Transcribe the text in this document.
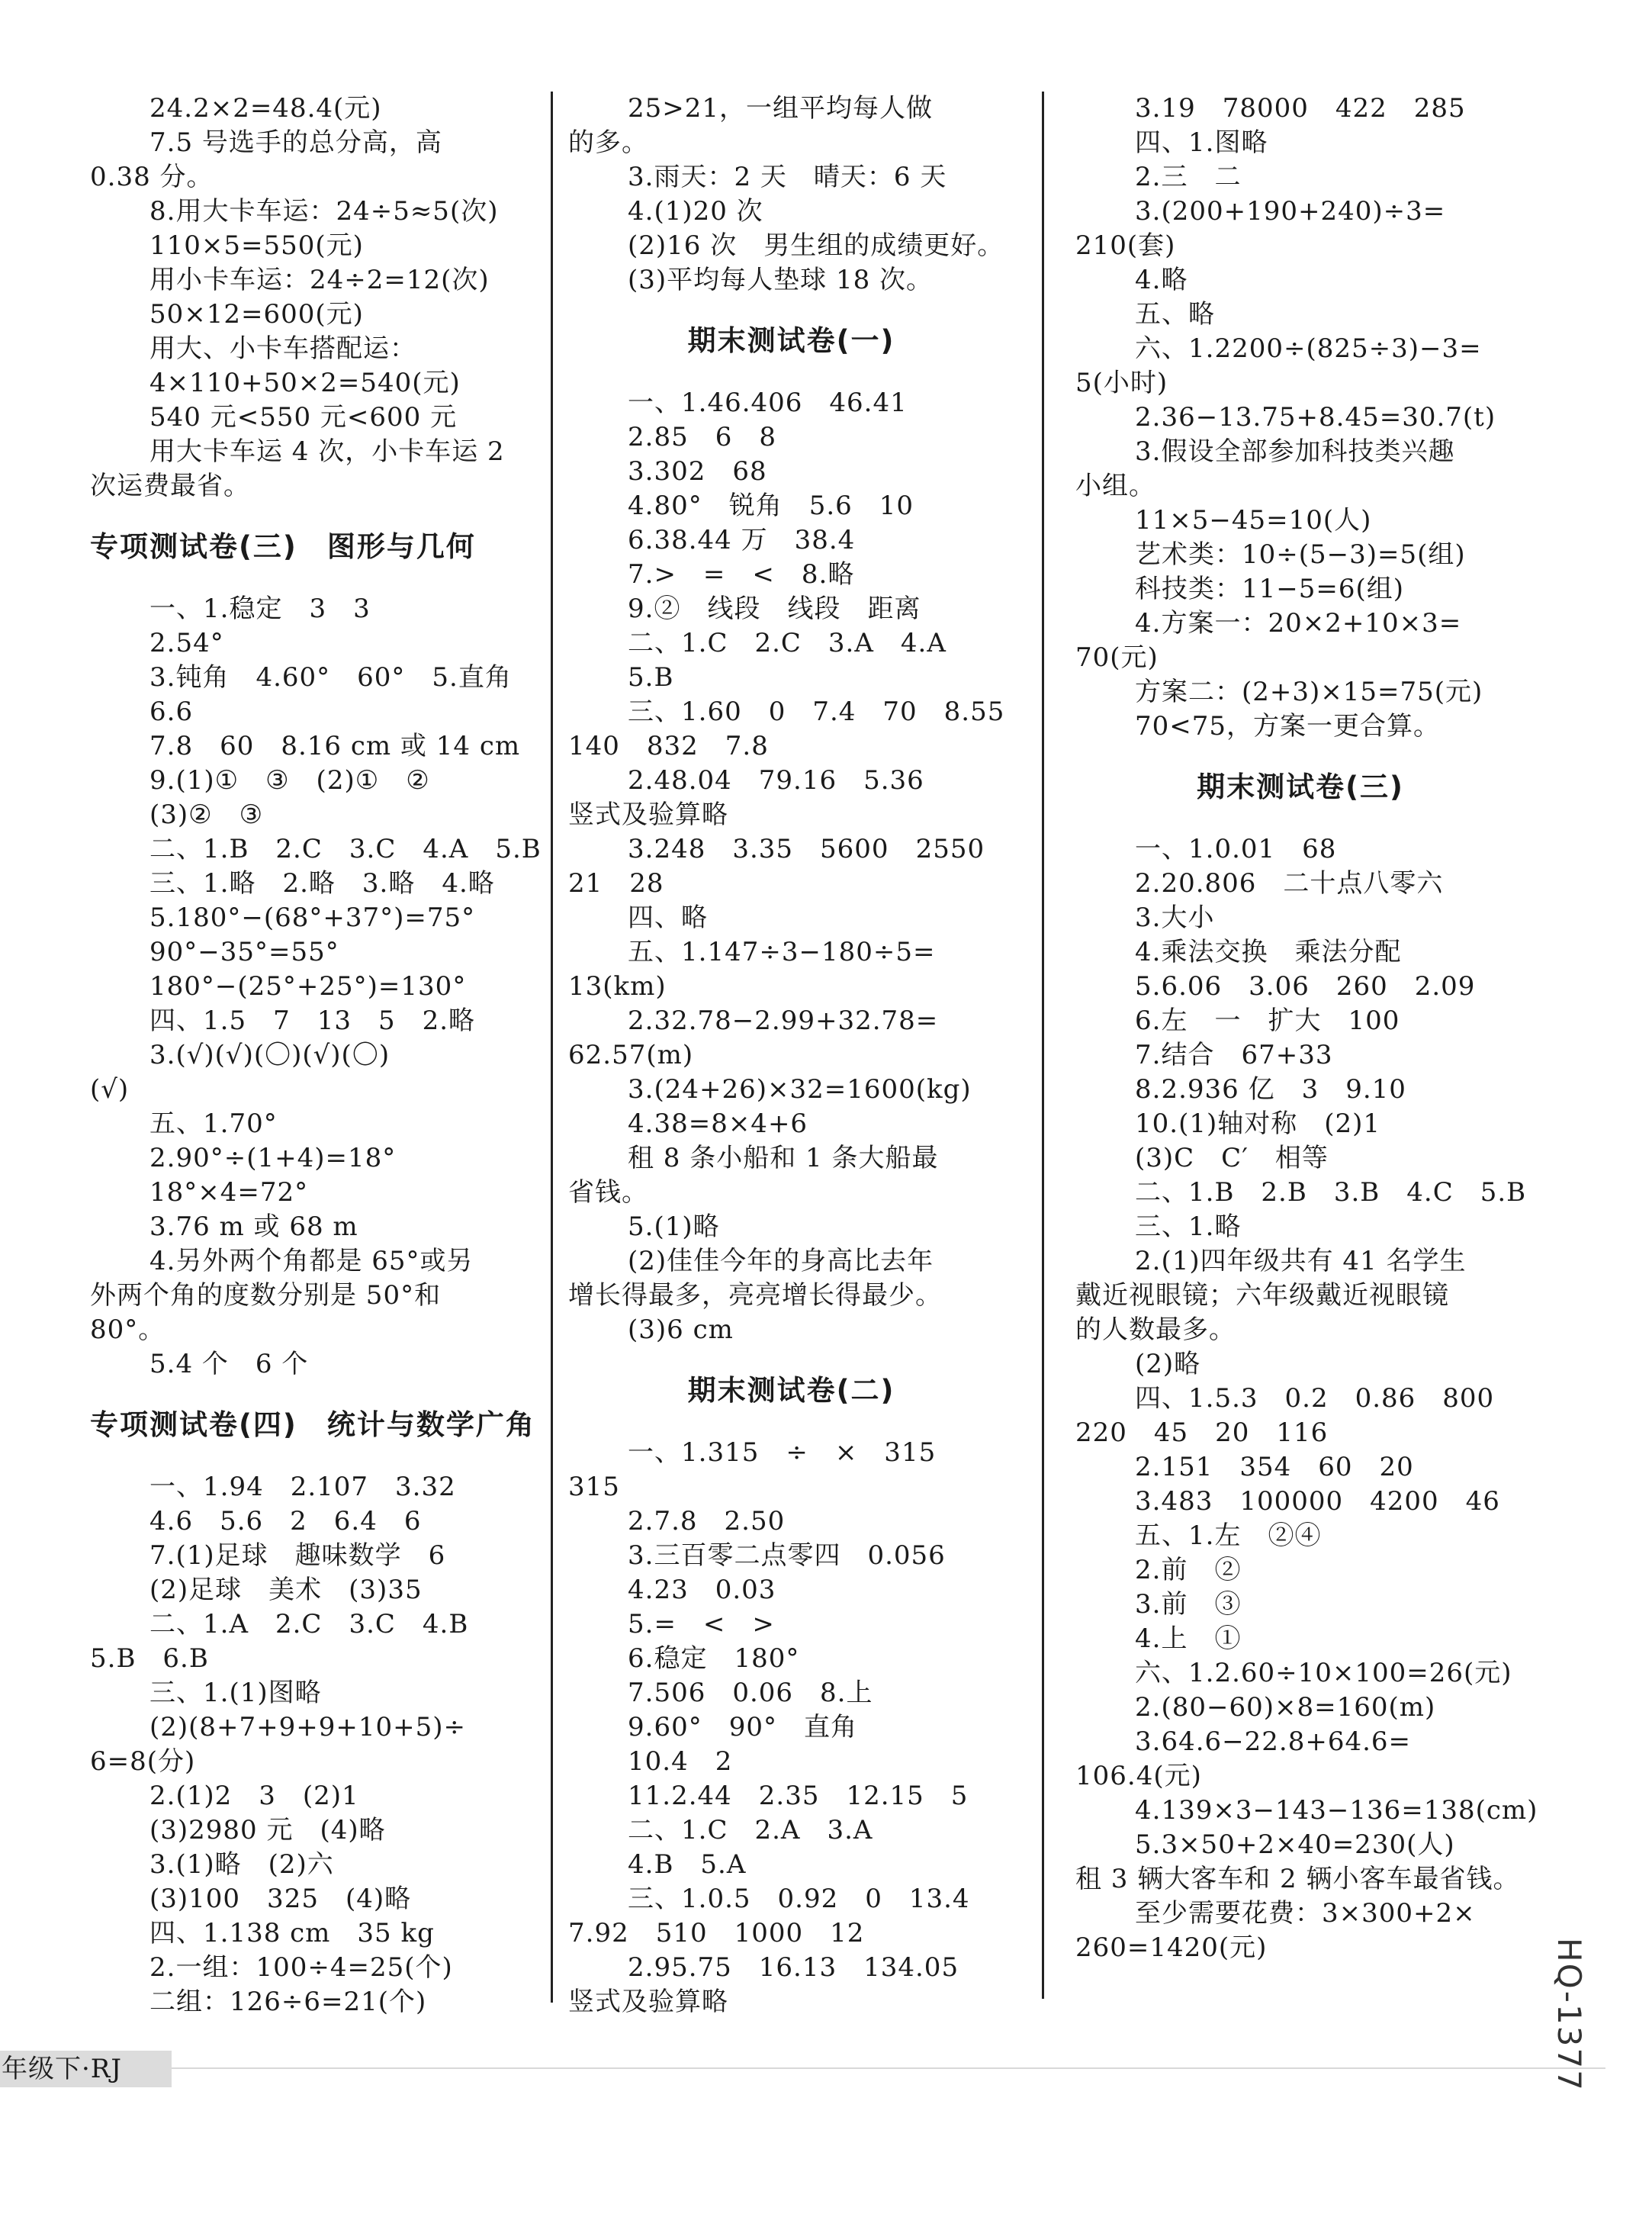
24.2×2=48.4(元)
7.5 号选手的总分高，高
0.38 分。
8.用大卡车运：24÷5≈5(次)
110×5=550(元)
用小卡车运：24÷2=12(次)
50×12=600(元)
用大、小卡车搭配运：
4×110+50×2=540(元)
540 元<550 元<600 元
用大卡车运 4 次，小卡车运 2
次运费最省。
专项测试卷(三)　图形与几何
一、1.稳定　3　3
2.54°
3.钝角　4.60°　60°　5.直角
6.6
7.8　60　8.16 cm 或 14 cm
9.(1)①　③　(2)①　②
(3)②　③
二、1.B　2.C　3.C　4.A　5.B
三、1.略　2.略　3.略　4.略
5.180°−(68°+37°)=75°
90°−35°=55°
180°−(25°+25°)=130°
四、1.5　7　13　5　2.略
3.(√)(√)(〇)(√)(〇)
(√)
五、1.70°
2.90°÷(1+4)=18°
18°×4=72°
3.76 m 或 68 m
4.另外两个角都是 65°或另
外两个角的度数分别是 50°和
80°。
5.4 个　6 个
专项测试卷(四)　统计与数学广角
一、1.94　2.107　3.32
4.6　5.6　2　6.4　6
7.(1)足球　趣味数学　6
(2)足球　美术　(3)35
二、1.A　2.C　3.C　4.B
5.B　6.B
三、1.(1)图略
(2)(8+7+9+9+10+5)÷
6=8(分)
2.(1)2　3　(2)1
(3)2980 元　(4)略
3.(1)略　(2)六
(3)100　325　(4)略
四、1.138 cm　35 kg
2.一组：100÷4=25(个)
二组：126÷6=21(个)
25>21，一组平均每人做
的多。
3.雨天：2 天　晴天：6 天
4.(1)20 次
(2)16 次　男生组的成绩更好。
(3)平均每人垫球 18 次。
期末测试卷(一)
一、1.46.406　46.41
2.85　6　8
3.302　68
4.80°　锐角　5.6　10
6.38.44 万　38.4
7.>　=　<　8.略
9.②　线段　线段　距离
二、1.C　2.C　3.A　4.A
5.B
三、1.60　0　7.4　70　8.55
140　832　7.8
2.48.04　79.16　5.36
竖式及验算略
3.248　3.35　5600　2550
21　28
四、略
五、1.147÷3−180÷5=
13(km)
2.32.78−2.99+32.78=
62.57(m)
3.(24+26)×32=1600(kg)
4.38=8×4+6
租 8 条小船和 1 条大船最
省钱。
5.(1)略
(2)佳佳今年的身高比去年
增长得最多，亮亮增长得最少。
(3)6 cm
期末测试卷(二)
一、1.315　÷　×　315
315
2.7.8　2.50
3.三百零二点零四　0.056
4.23　0.03
5.=　<　>
6.稳定　180°
7.506　0.06　8.上
9.60°　90°　直角
10.4　2
11.2.44　2.35　12.15　5
二、1.C　2.A　3.A
4.B　5.A
三、1.0.5　0.92　0　13.4
7.92　510　1000　12
2.95.75　16.13　134.05
竖式及验算略
3.19　78000　422　285
四、1.图略
2.三　二
3.(200+190+240)÷3=
210(套)
4.略
五、略
六、1.2200÷(825÷3)−3=
5(小时)
2.36−13.75+8.45=30.7(t)
3.假设全部参加科技类兴趣
小组。
11×5−45=10(人)
艺术类：10÷(5−3)=5(组)
科技类：11−5=6(组)
4.方案一：20×2+10×3=
70(元)
方案二：(2+3)×15=75(元)
70<75，方案一更合算。
期末测试卷(三)
一、1.0.01　68
2.20.806　二十点八零六
3.大小
4.乘法交换　乘法分配
5.6.06　3.06　260　2.09
6.左　一　扩大　100
7.结合　67+33
8.2.936 亿　3　9.10
10.(1)轴对称　(2)1
(3)C　C′　相等
二、1.B　2.B　3.B　4.C　5.B
三、1.略
2.(1)四年级共有 41 名学生
戴近视眼镜；六年级戴近视眼镜
的人数最多。
(2)略
四、1.5.3　0.2　0.86　800
220　45　20　116
2.151　354　60　20
3.483　100000　4200　46
五、1.左　②④
2.前　②
3.前　③
4.上　①
六、1.2.60÷10×100=26(元)
2.(80−60)×8=160(m)
3.64.6−22.8+64.6=
106.4(元)
4.139×3−143−136=138(cm)
5.3×50+2×40=230(人)
租 3 辆大客车和 2 辆小客车最省钱。
至少需要花费：3×300+2×
260=1420(元)
年级下·RJ	HQ-1377
